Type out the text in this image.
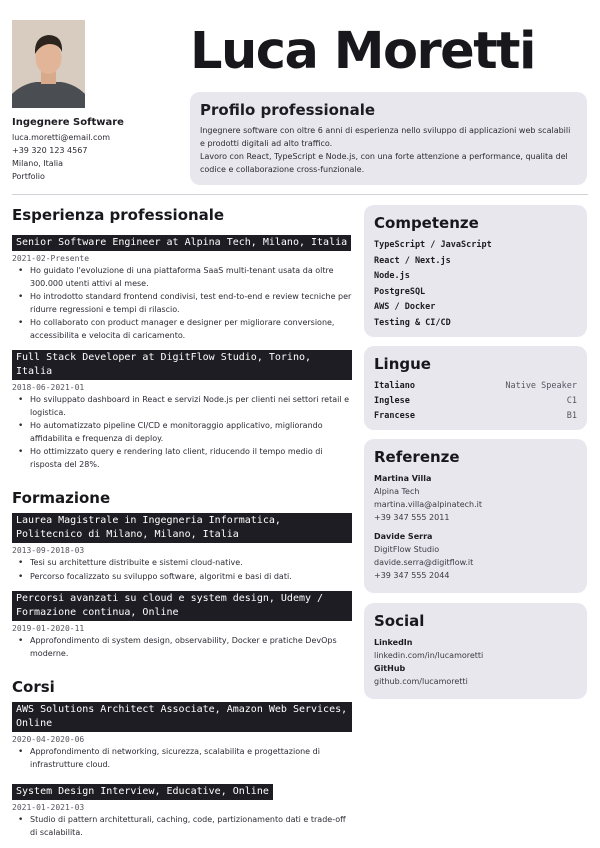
Ingegnere Software
luca.moretti@email.com
+39 320 123 4567
Milano, Italia
Portfolio
Luca Moretti
Profilo professionale

Ingegnere software con oltre 6 anni di esperienza nello sviluppo di applicazioni web scalabili e prodotti digitali ad alto traffico.

Lavoro con React, TypeScript e Node.js, con una forte attenzione a performance, qualita del codice e collaborazione cross-funzionale.

Esperienza professionale
Senior Software Engineer at Alpina Tech, Milano, Italia
2021-02-Presente
• Ho guidato l'evoluzione di una piattaforma SaaS multi-tenant usata da oltre 300.000 utenti attivi al mese.
• Ho introdotto standard frontend condivisi, test end-to-end e review tecniche per ridurre regressioni e tempi di rilascio.
• Ho collaborato con product manager e designer per migliorare conversione, accessibilita e velocita di caricamento.
Full Stack Developer at DigitFlow Studio, Torino, Italia
2018-06-2021-01
• Ho sviluppato dashboard in React e servizi Node.js per clienti nei settori retail e logistica.
• Ho automatizzato pipeline CI/CD e monitoraggio applicativo, migliorando affidabilita e frequenza di deploy.
• Ho ottimizzato query e rendering lato client, riducendo il tempo medio di risposta del 28%.
Formazione
Laurea Magistrale in Ingegneria Informatica, Politecnico di Milano, Milano, Italia
2013-09-2018-03
• Tesi su architetture distribuite e sistemi cloud-native.
• Percorso focalizzato su sviluppo software, algoritmi e basi di dati.
Percorsi avanzati su cloud e system design, Udemy / Formazione continua, Online
2019-01-2020-11
• Approfondimento di system design, observability, Docker e pratiche DevOps moderne.
Corsi
AWS Solutions Architect Associate, Amazon Web Services, Online
2020-04-2020-06
• Approfondimento di networking, sicurezza, scalabilita e progettazione di infrastrutture cloud.
System Design Interview, Educative, Online
2021-01-2021-03
• Studio di pattern architetturali, caching, code, partizionamento dati e trade-off di scalabilita.
Competenze
TypeScript / JavaScript
React / Next.js
Node.js
PostgreSQL
AWS / Docker
Testing & CI/CD
Lingue
Italiano	Native Speaker
Inglese	C1
Francese	B1
Referenze
Martina Villa
Alpina Tech
martina.villa@alpinatech.it
+39 347 555 2011
Davide Serra
DigitFlow Studio
davide.serra@digitflow.it
+39 347 555 2044
Social
LinkedIn
linkedin.com/in/lucamoretti
GitHub
github.com/lucamoretti
